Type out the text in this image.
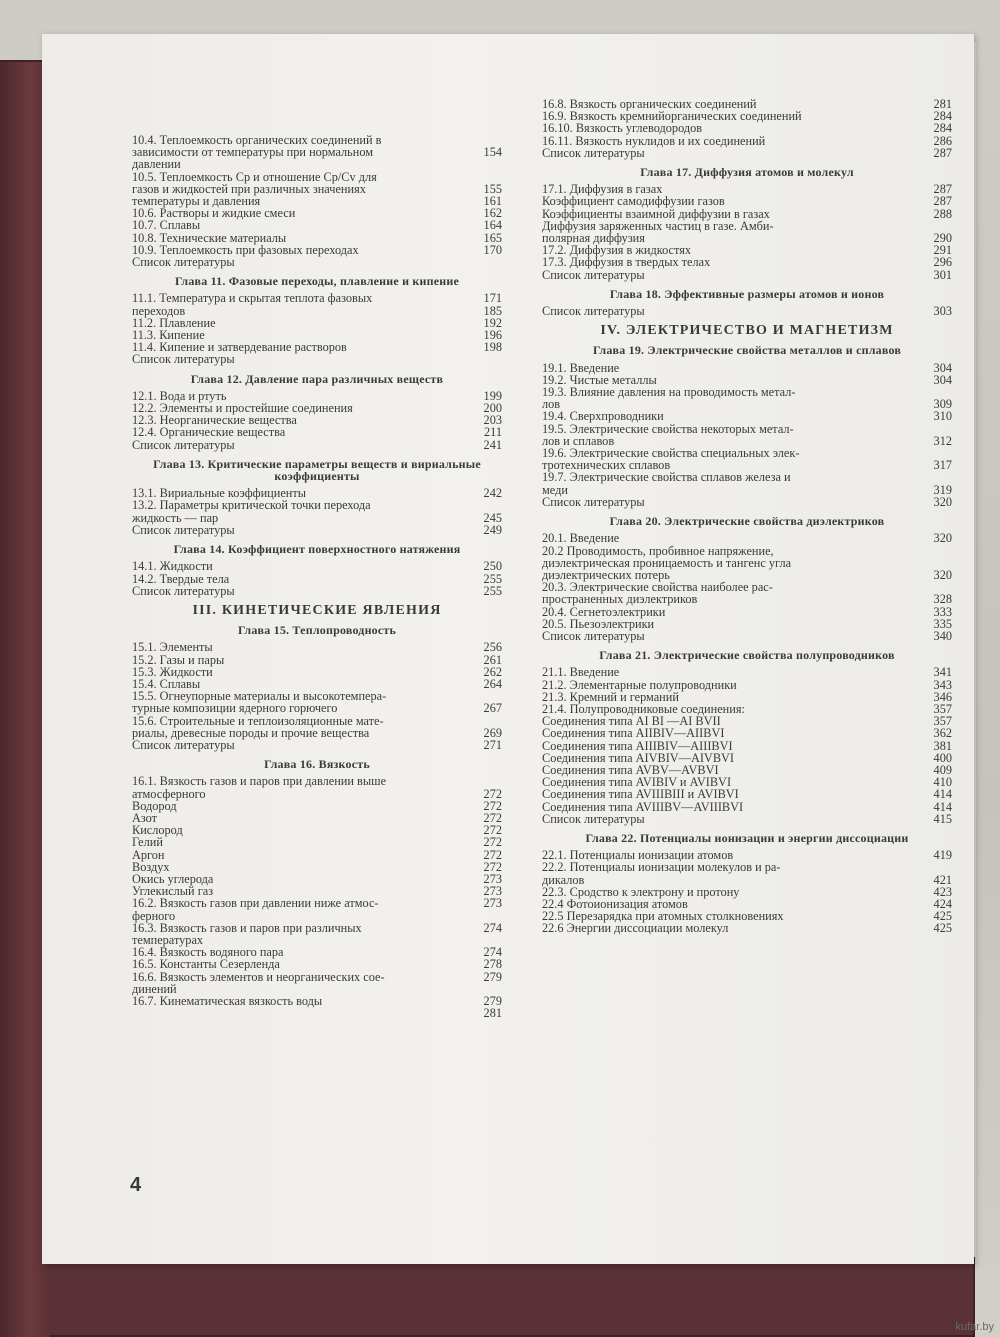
10.4. Теплоемкость органических соединений в
зависимости от температуры при нормальном	154
давлении
10.5. Теплоемкость Cp и отношение Cp/Cv для
газов и жидкостей при различных значениях	155
температуры и давления	161
10.6. Растворы и жидкие смеси	162
10.7. Сплавы	164
10.8. Технические материалы	165
10.9. Теплоемкость при фазовых переходах	170
Список литературы
Глава 11. Фазовые переходы, плавление и кипение
11.1. Температура и скрытая теплота фазовых	171
переходов	185
11.2. Плавление	192
11.3. Кипение	196
11.4. Кипение и затвердевание растворов	198
Список литературы
Глава 12. Давление пара различных веществ
12.1. Вода и ртуть	199
12.2. Элементы и простейшие соединения	200
12.3. Неорганические вещества	203
12.4. Органические вещества	211
Список литературы	241
Глава 13. Критические параметры веществ и вириальные коэффициенты
13.1. Вириальные коэффициенты	242
13.2. Параметры критической точки перехода
жидкость — пар	245
Список литературы	249
Глава 14. Коэффициент поверхностного натяжения
14.1. Жидкости	250
14.2. Твердые тела	255
Список литературы	255
III. КИНЕТИЧЕСКИЕ ЯВЛЕНИЯ
Глава 15. Теплопроводность
15.1. Элементы	256
15.2. Газы и пары	261
15.3. Жидкости	262
15.4. Сплавы	264
15.5. Огнеупорные материалы и высокотемпера-
турные композиции ядерного горючего	267
15.6. Строительные и теплоизоляционные мате-
риалы, древесные породы и прочие вещества	269
Список литературы	271
Глава 16. Вязкость
16.1. Вязкость газов и паров при давлении выше
атмосферного	272
Водород	272
Азот	272
Кислород	272
Гелий	272
Аргон	272
Воздух	272
Окись углерода	273
Углекислый газ	273
16.2. Вязкость газов при давлении ниже атмос-	273
ферного
16.3. Вязкость газов и паров при различных	274
температурах
16.4. Вязкость водяного пара	274
16.5. Константы Сезерленда	278
16.6. Вязкость элементов и неорганических сое-	279
динений
16.7. Кинематическая вязкость воды	279
281
16.8. Вязкость органических соединений	281
16.9. Вязкость кремнийорганических соединений	284
16.10. Вязкость углеводородов	284
16.11. Вязкость нуклидов и их соединений	286
Список литературы	287
Глава 17. Диффузия атомов и молекул
17.1. Диффузия в газах	287
Коэффициент самодиффузии газов	287
Коэффициенты взаимной диффузии в газах	288
Диффузия заряженных частиц в газе. Амби-
полярная диффузия	290
17.2. Диффузия в жидкостях	291
17.3. Диффузия в твердых телах	296
Список литературы	301
Глава 18. Эффективные размеры атомов и ионов
Список литературы	303
IV. ЭЛЕКТРИЧЕСТВО И МАГНЕТИЗМ
Глава 19. Электрические свойства металлов и сплавов
19.1. Введение	304
19.2. Чистые металлы	304
19.3. Влияние давления на проводимость метал-
лов	309
19.4. Сверхпроводники	310
19.5. Электрические свойства некоторых метал-
лов и сплавов	312
19.6. Электрические свойства специальных элек-
тротехнических сплавов	317
19.7. Электрические свойства сплавов железа и
меди	319
Список литературы	320
Глава 20. Электрические свойства диэлектриков
20.1. Введение	320
20.2 Проводимость, пробивное напряжение,
диэлектрическая проницаемость и тангенс угла
диэлектрических потерь	320
20.3. Электрические свойства наиболее рас-
пространенных диэлектриков	328
20.4. Сегнетоэлектрики	333
20.5. Пьезоэлектрики	335
Список литературы	340
Глава 21. Электрические свойства полупроводников
21.1. Введение	341
21.2. Элементарные полупроводники	343
21.3. Кремний и германий	346
21.4. Полупроводниковые соединения:	357
Соединения типа AI BI —AI BVII	357
Соединения типа AIIBIV—AIIBVI	362
Соединения типа AIIIBIV—AIIIBVI	381
Соединения типа AIVBIV—AIVBVI	400
Соединения типа AVBV—AVBVI	409
Соединения типа AVIBIV и AVIBVI	410
Соединения типа AVIIIBIII и AVIBVI	414
Соединения типа AVIIIBV—AVIIIBVI	414
Список литературы	415
Глава 22. Потенциалы ионизации и энергии диссоциации
22.1. Потенциалы ионизации атомов	419
22.2. Потенциалы ионизации молекулов и ра-
дикалов	421
22.3. Сродство к электрону и протону	423
22.4 Фотоионизация атомов	424
22.5 Перезарядка при атомных столкновениях	425
22.6 Энергии диссоциации молекул	425
4
kufar.by
